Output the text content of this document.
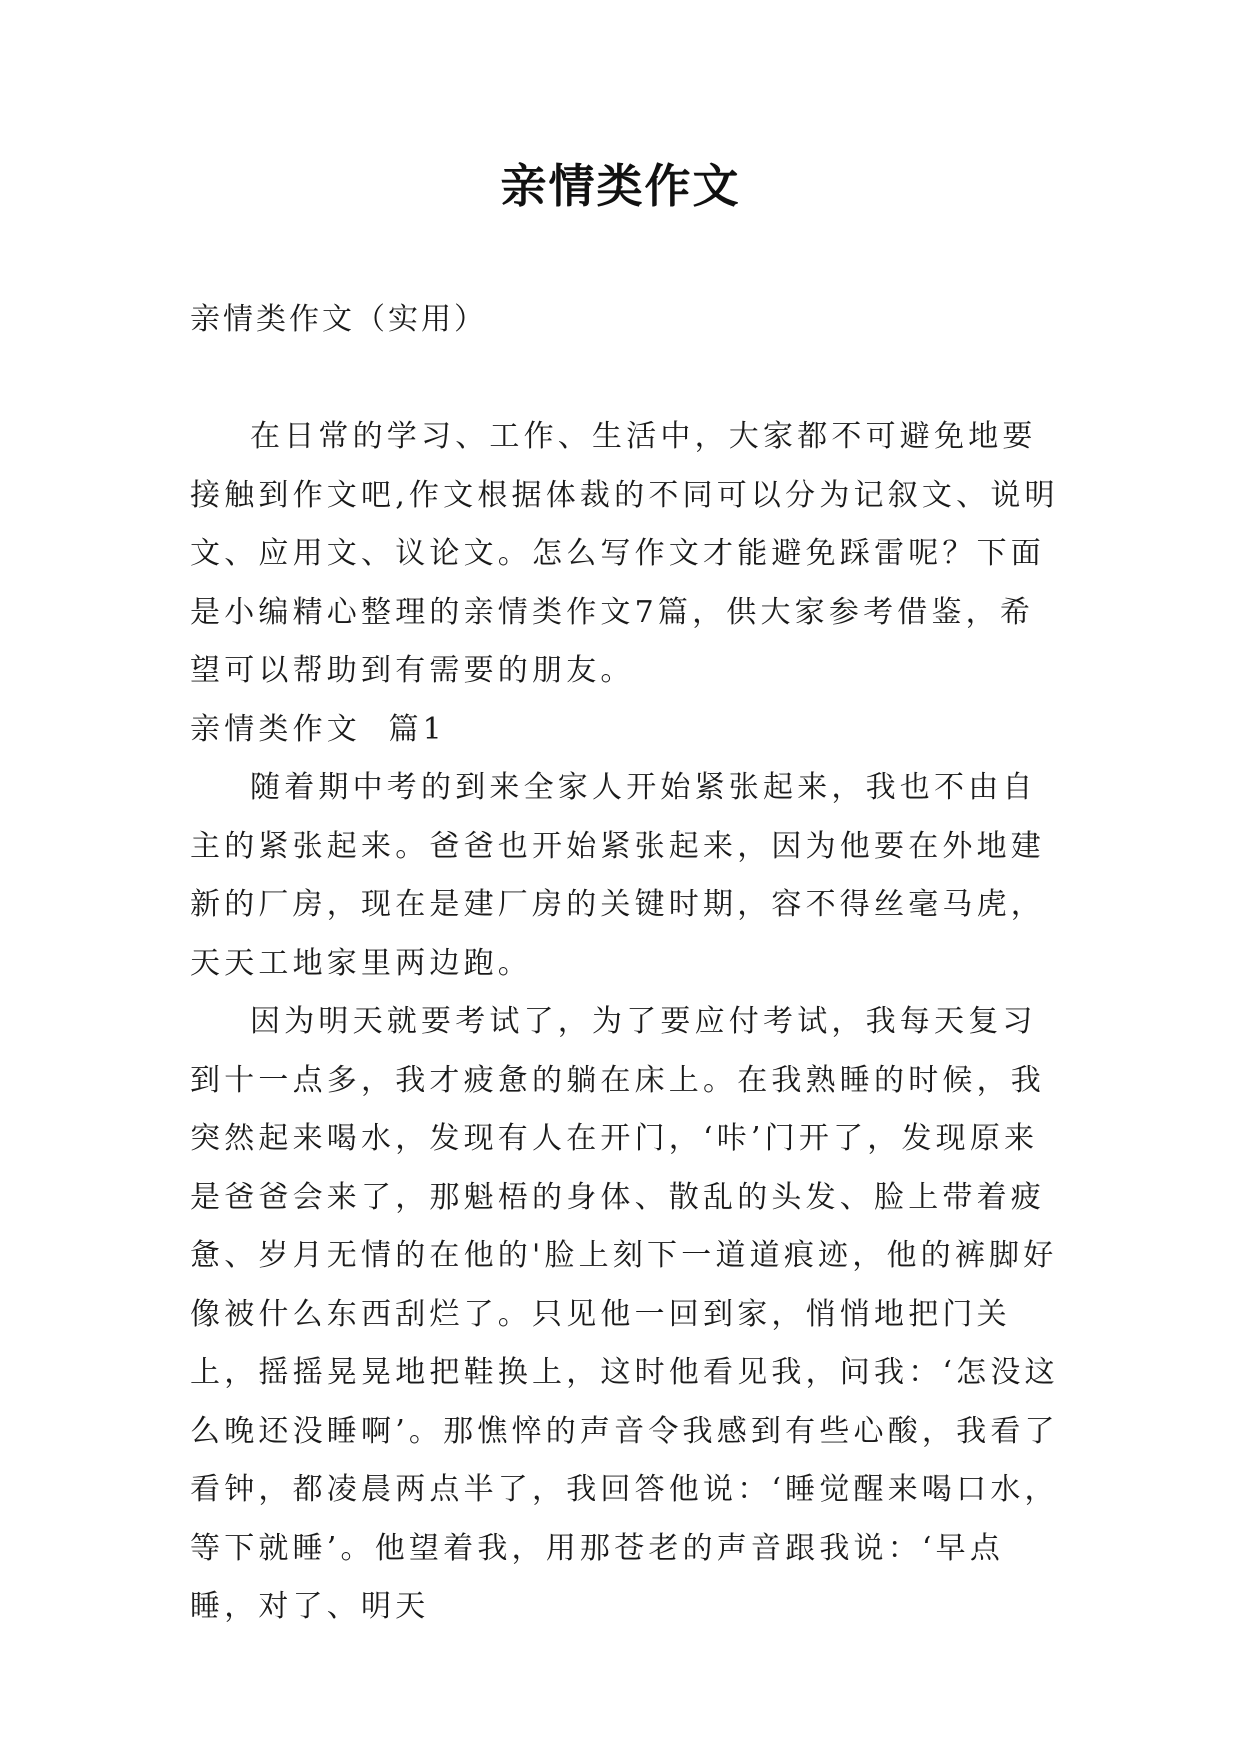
亲情类作文
亲情类作文（实用）

在日常的学习、工作、生活中，大家都不可避免地要接触到作文吧,作文根据体裁的不同可以分为记叙文、说明文、应用文、议论文。怎么写作文才能避免踩雷呢？下面是小编精心整理的亲情类作文7篇，供大家参考借鉴，希望可以帮助到有需要的朋友。

亲情类作文  篇1

随着期中考的到来全家人开始紧张起来，我也不由自主的紧张起来。爸爸也开始紧张起来，因为他要在外地建新的厂房，现在是建厂房的关键时期，容不得丝毫马虎，天天工地家里两边跑。

因为明天就要考试了，为了要应付考试，我每天复习到十一点多，我才疲惫的躺在床上。在我熟睡的时候，我突然起来喝水，发现有人在开门，‘咔’门开了，发现原来是爸爸会来了，那魁梧的身体、散乱的头发、脸上带着疲惫、岁月无情的在他的'脸上刻下一道道痕迹，他的裤脚好像被什么东西刮烂了。只见他一回到家，悄悄地把门关上，摇摇晃晃地把鞋换上，这时他看见我，问我：‘怎没这么晚还没睡啊’。那憔悴的声音令我感到有些心酸，我看了看钟，都凌晨两点半了，我回答他说：‘睡觉醒来喝口水，等下就睡’。他望着我，用那苍老的声音跟我说：‘早点睡，对了、明天
